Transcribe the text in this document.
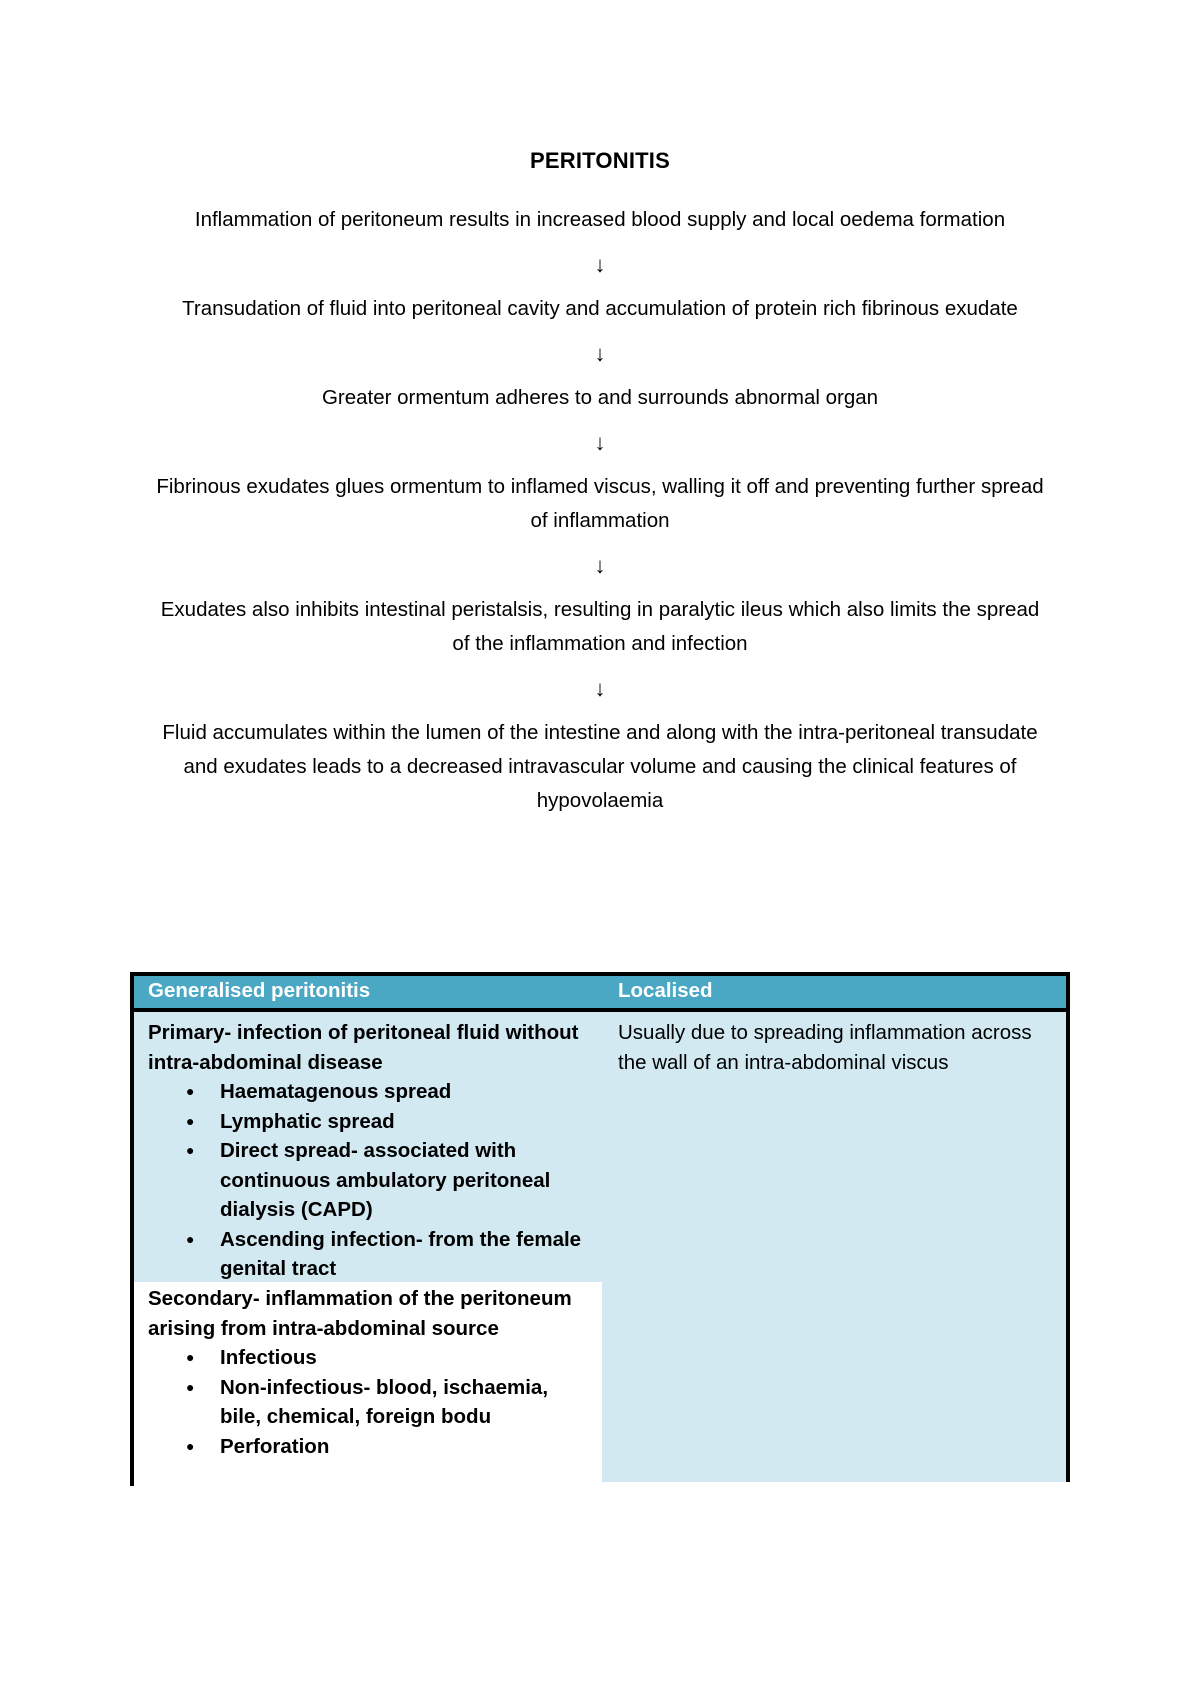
PERITONITIS

Inflammation of peritoneum results in increased blood supply and local oedema formation

↓

Transudation of fluid into peritoneal cavity and accumulation of protein rich fibrinous exudate

↓

Greater ormentum adheres to and surrounds abnormal organ

↓

Fibrinous exudates glues ormentum to inflamed viscus, walling it off and preventing further spread of inflammation

↓

Exudates also inhibits intestinal peristalsis, resulting in paralytic ileus which also limits the spread of the inflammation and infection

↓

Fluid accumulates within the lumen of the intestine and along with the intra-peritoneal transudate and exudates leads to a decreased intravascular volume and causing the clinical features of hypovolaemia

Generalised peritonitis	Localised
Primary- infection of peritoneal fluid without intra-abdominal disease
● Haematagenous spread
● Lymphatic spread
● Direct spread- associated with continuous ambulatory peritoneal dialysis (CAPD)
● Ascending infection- from the female genital tract
Usually due to spreading inflammation across the wall of an intra-abdominal viscus
Secondary- inflammation of the peritoneum arising from intra-abdominal source
● Infectious
● Non-infectious- blood, ischaemia, bile, chemical, foreign bodu
● Perforation
